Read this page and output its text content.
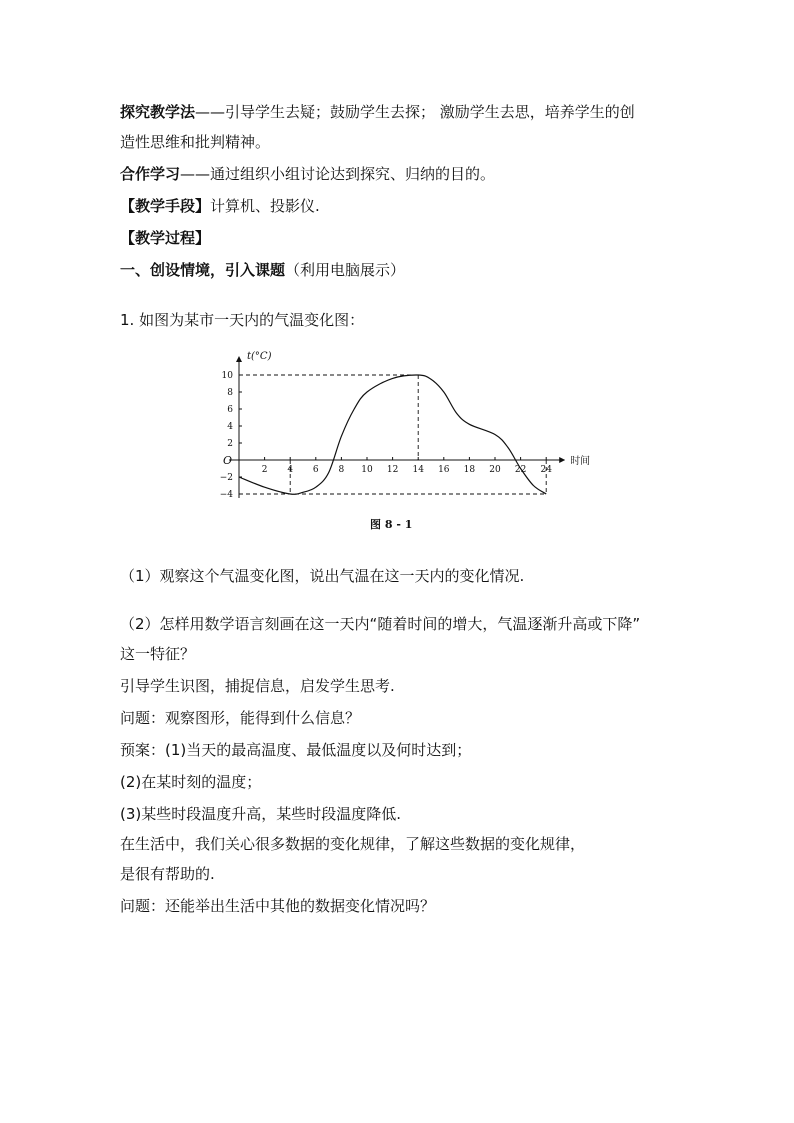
探究教学法——引导学生去疑；鼓励学生去探； 激励学生去思，培养学生的创
造性思维和批判精神。
合作学习——通过组织小组讨论达到探究、归纳的目的。
【教学手段】计算机、投影仪.
【教学过程】
一、创设情境，引入课题（利用电脑展示）
1. 如图为某市一天内的气温变化图：
2 4 6 8 10 12 14 16 18 20 22 24
−4
−2
2
4
6
8
10
O
t(°C)
时间
图 8 - 1
（1）观察这个气温变化图，说出气温在这一天内的变化情况.
（2）怎样用数学语言刻画在这一天内“随着时间的增大，气温逐渐升高或下降”
这一特征？
引导学生识图，捕捉信息，启发学生思考.
问题：观察图形，能得到什么信息？
预案：(1)当天的最高温度、最低温度以及何时达到；
(2)在某时刻的温度；
(3)某些时段温度升高，某些时段温度降低.
在生活中，我们关心很多数据的变化规律，了解这些数据的变化规律，
是很有帮助的.
问题：还能举出生活中其他的数据变化情况吗？
